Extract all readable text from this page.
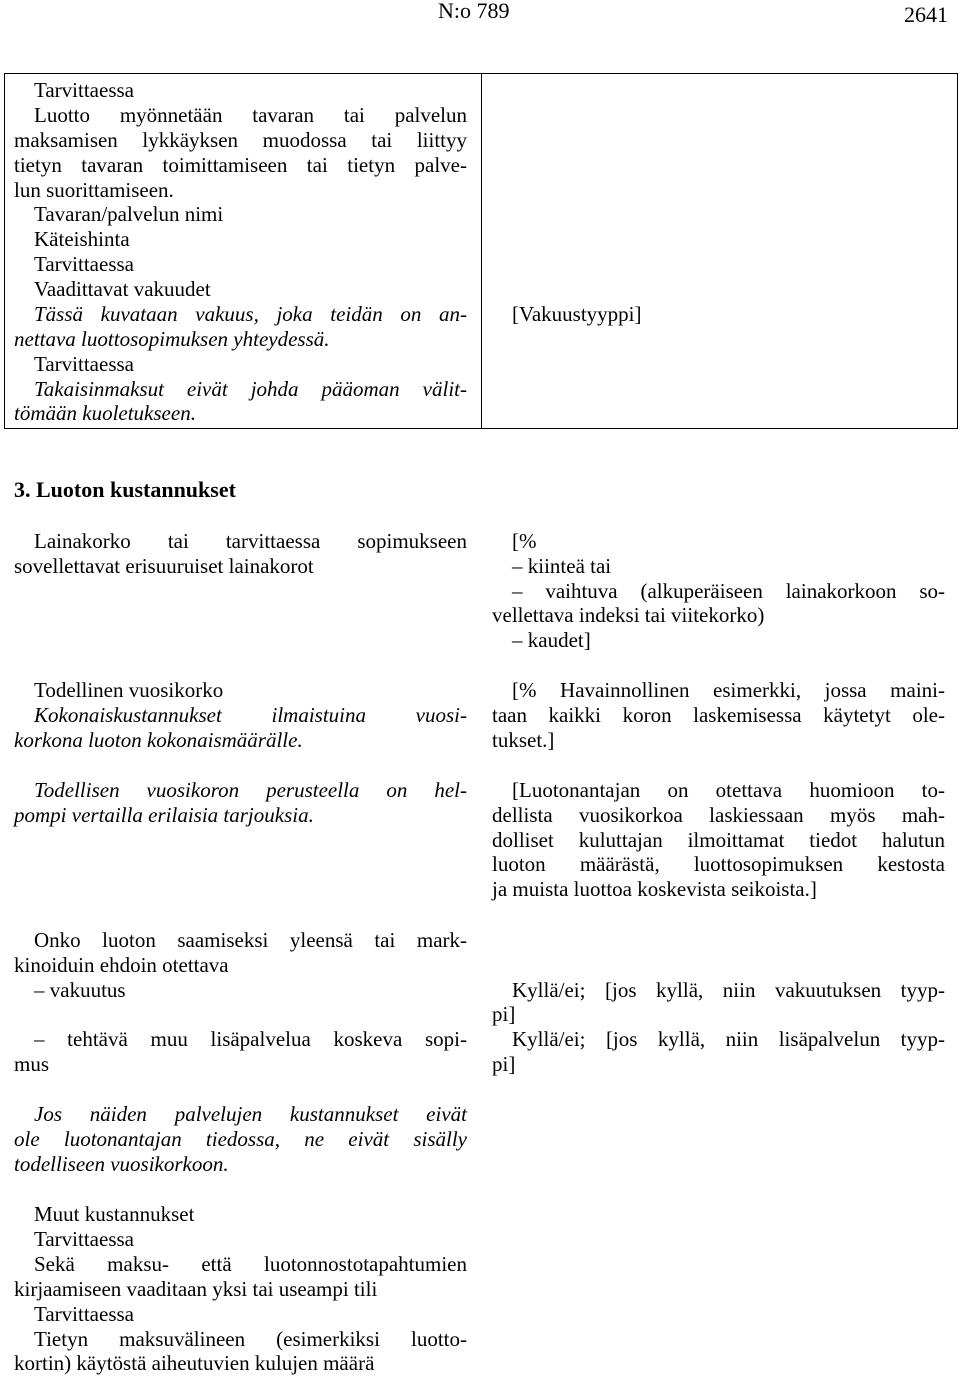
N:o 789	2641
Tarvittaessa
Luotto myönnetään tavaran tai palvelun
maksamisen lykkäyksen muodossa tai liittyy
tietyn tavaran toimittamiseen tai tietyn palve-
lun suorittamiseen.
Tavaran/palvelun nimi
Käteishinta
Tarvittaessa
Vaadittavat vakuudet
Tässä kuvataan vakuus, joka teidän on an-
nettava luottosopimuksen yhteydessä.
Tarvittaessa
Takaisinmaksut eivät johda pääoman välit-
tömään kuoletukseen.
[Vakuustyyppi]
3. Luoton kustannukset
Lainakorko tai tarvittaessa sopimukseen
sovellettavat erisuuruiset lainakorot
[%
– kiinteä tai
– vaihtuva (alkuperäiseen lainakorkoon so-
vellettava indeksi tai viitekorko)
– kaudet]
Todellinen vuosikorko
Kokonaiskustannukset ilmaistuina vuosi-
korkona luoton kokonaismäärälle.
Todellisen vuosikoron perusteella on hel-
pompi vertailla erilaisia tarjouksia.
[% Havainnollinen esimerkki, jossa maini-
taan kaikki koron laskemisessa käytetyt ole-
tukset.]
[Luotonantajan on otettava huomioon to-
dellista vuosikorkoa laskiessaan myös mah-
dolliset kuluttajan ilmoittamat tiedot halutun
luoton määrästä, luottosopimuksen kestosta
ja muista luottoa koskevista seikoista.]
Onko luoton saamiseksi yleensä tai mark-
kinoiduin ehdoin otettava
– vakuutus
– tehtävä muu lisäpalvelua koskeva sopi-
mus
Jos näiden palvelujen kustannukset eivät
ole luotonantajan tiedossa, ne eivät sisälly
todelliseen vuosikorkoon.
Kyllä/ei; [jos kyllä, niin vakuutuksen tyyp-
pi]
Kyllä/ei; [jos kyllä, niin lisäpalvelun tyyp-
pi]
Muut kustannukset
Tarvittaessa
Sekä maksu- että luotonnostotapahtumien
kirjaamiseen vaaditaan yksi tai useampi tili
Tarvittaessa
Tietyn maksuvälineen (esimerkiksi luotto-
kortin) käytöstä aiheutuvien kulujen määrä
